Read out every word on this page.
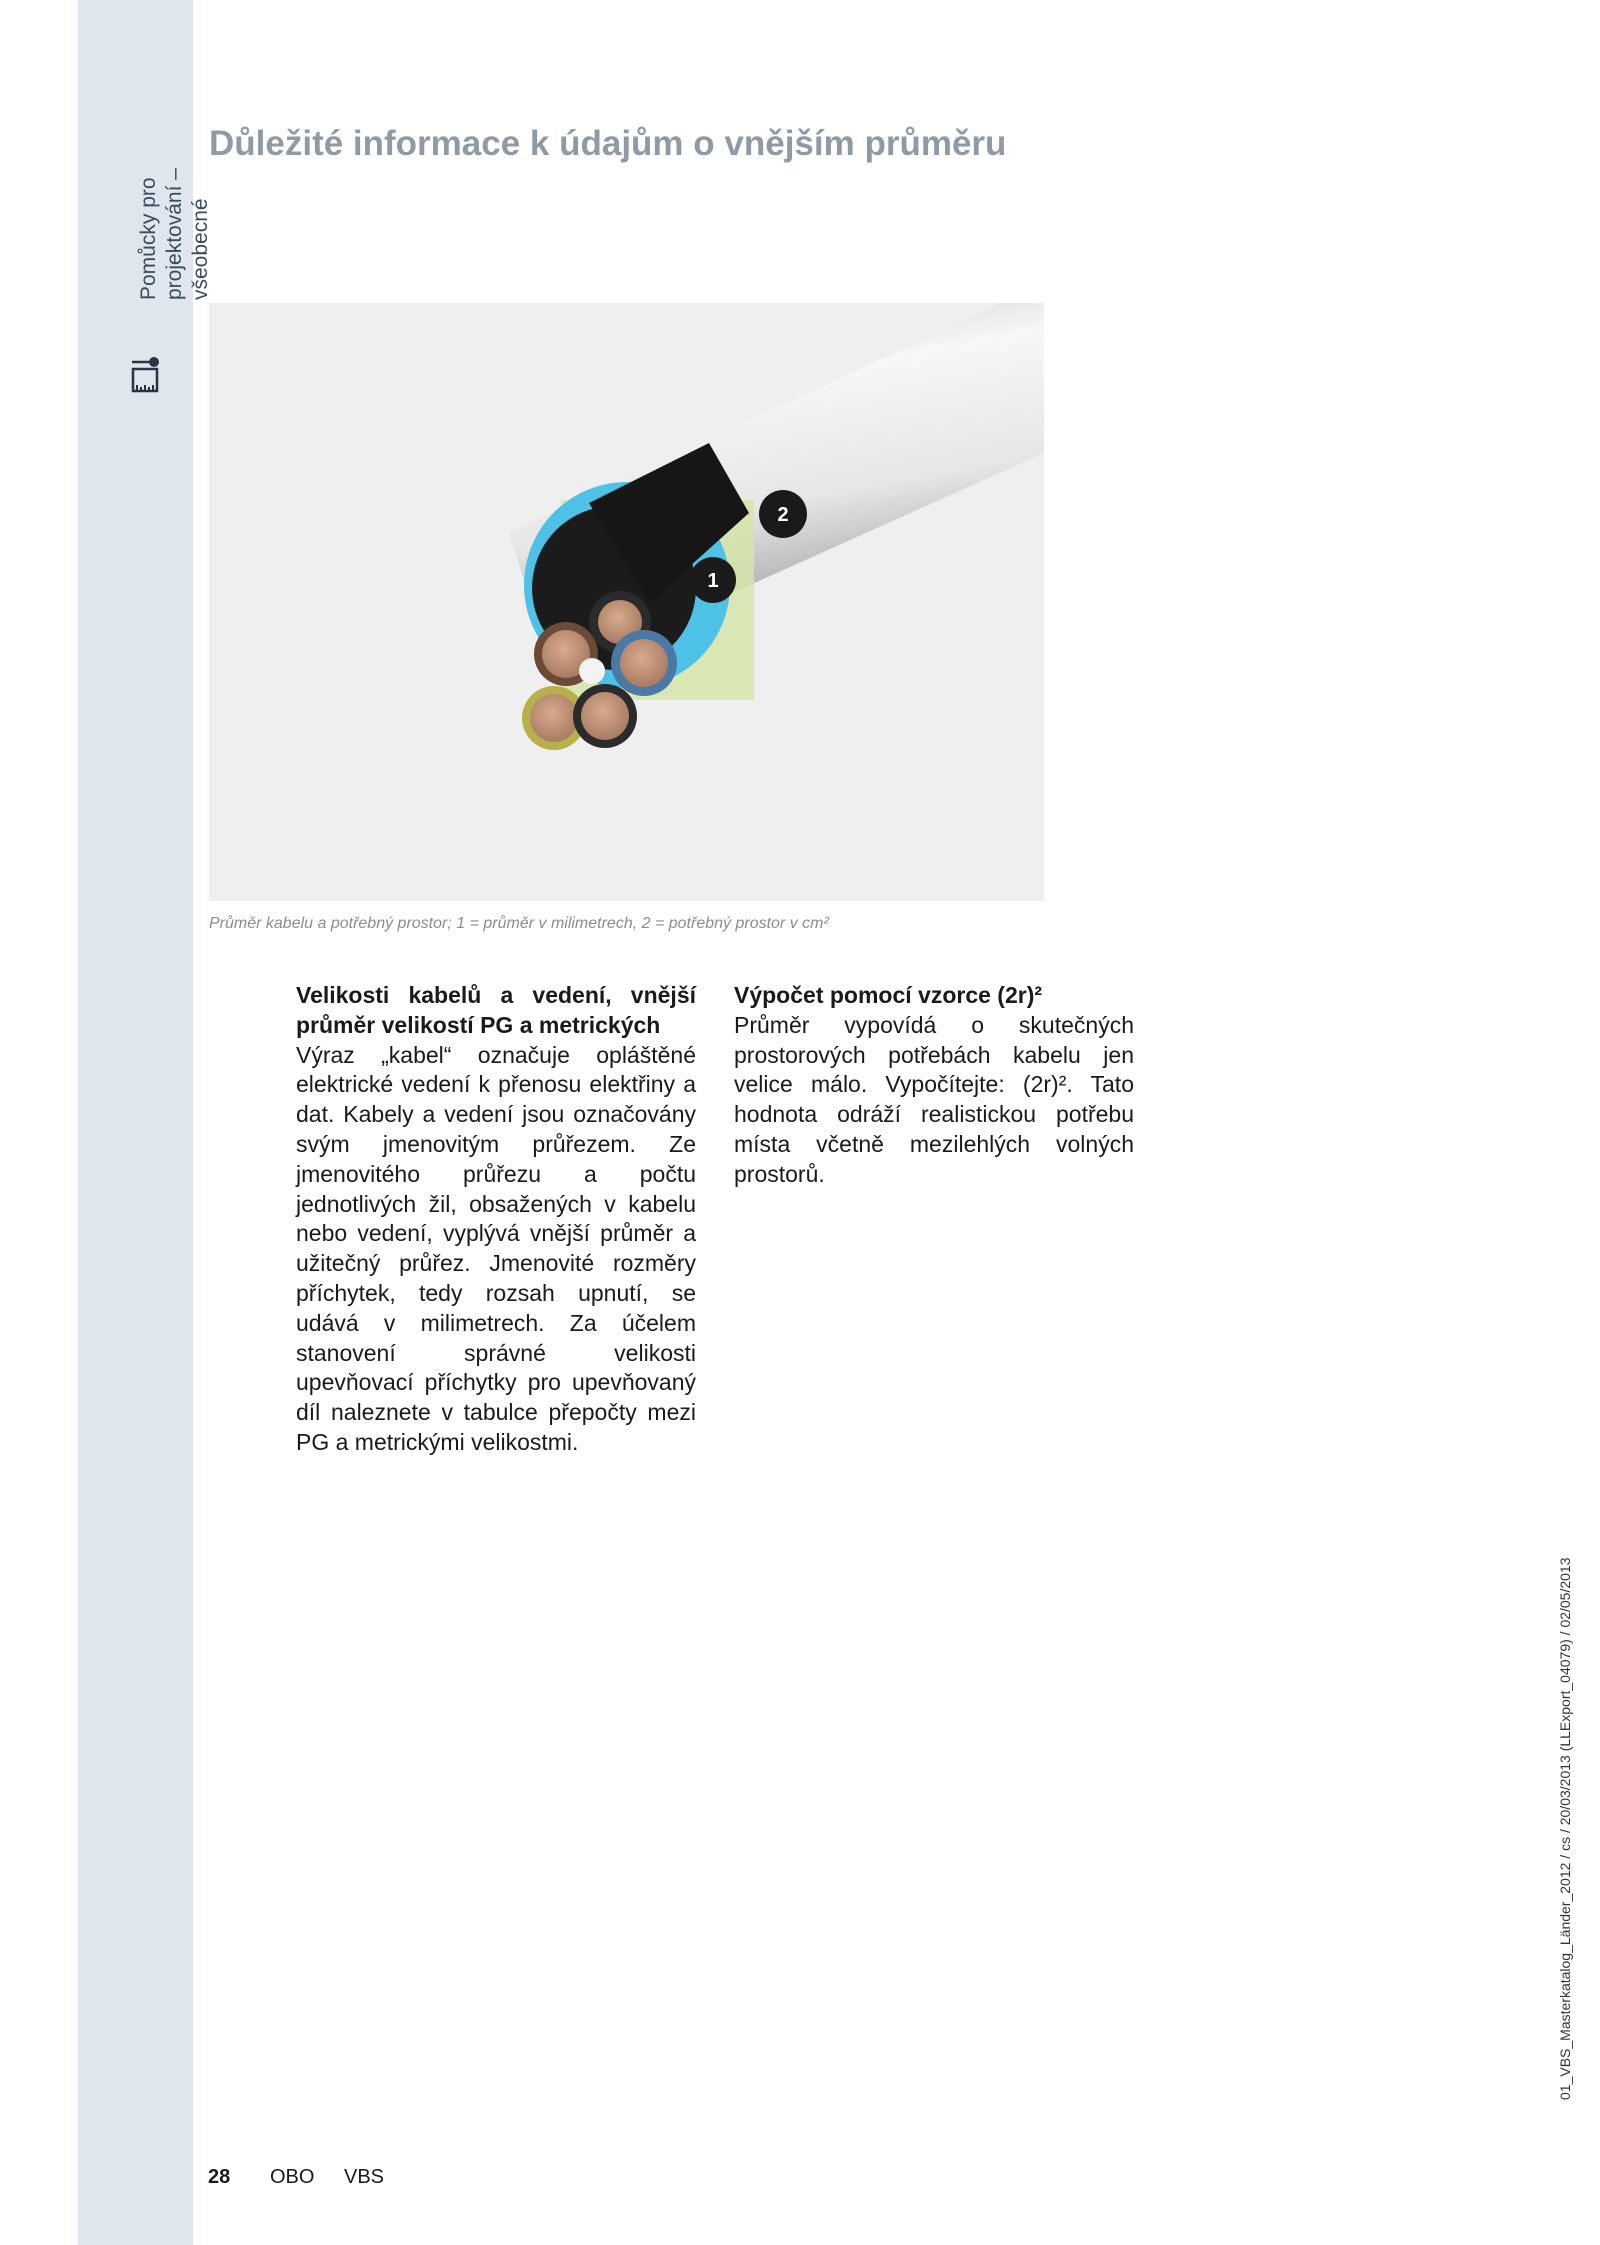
Pomůcky pro projektování – všeobecné
Důležité informace k údajům o vnějším průměru
1
2
Průměr kabelu a potřebný prostor; 1 = průměr v milimetrech, 2 = potřebný prostor v cm²
Velikosti kabelů a vedení, vnější průměr velikostí PG a metrických

Výraz „kabel“ označuje opláštěné elektrické vedení k přenosu elektřiny a dat. Kabely a vedení jsou označovány svým jmenovitým průřezem. Ze jmenovitého průřezu a počtu jednotlivých žil, obsažených v kabelu nebo vedení, vyplývá vnější průměr a užitečný průřez. Jmenovité rozměry příchytek, tedy rozsah upnutí, se udává v milimetrech. Za účelem stanovení správné velikosti upevňovací příchytky pro upevňovaný díl naleznete v tabulce přepočty mezi PG a metrickými velikostmi.

Výpočet pomocí vzorce (2r)²

Průměr vypovídá o skutečných prostorových potřebách kabelu jen velice málo. Vypočítejte: (2r)². Tato hodnota odráží realistickou potřebu místa včetně mezilehlých volných prostorů.

28 OBO VBS
01_VBS_Masterkatalog_Länder_2012 / cs / 20/03/2013 (LLExport_04079) / 02/05/2013
